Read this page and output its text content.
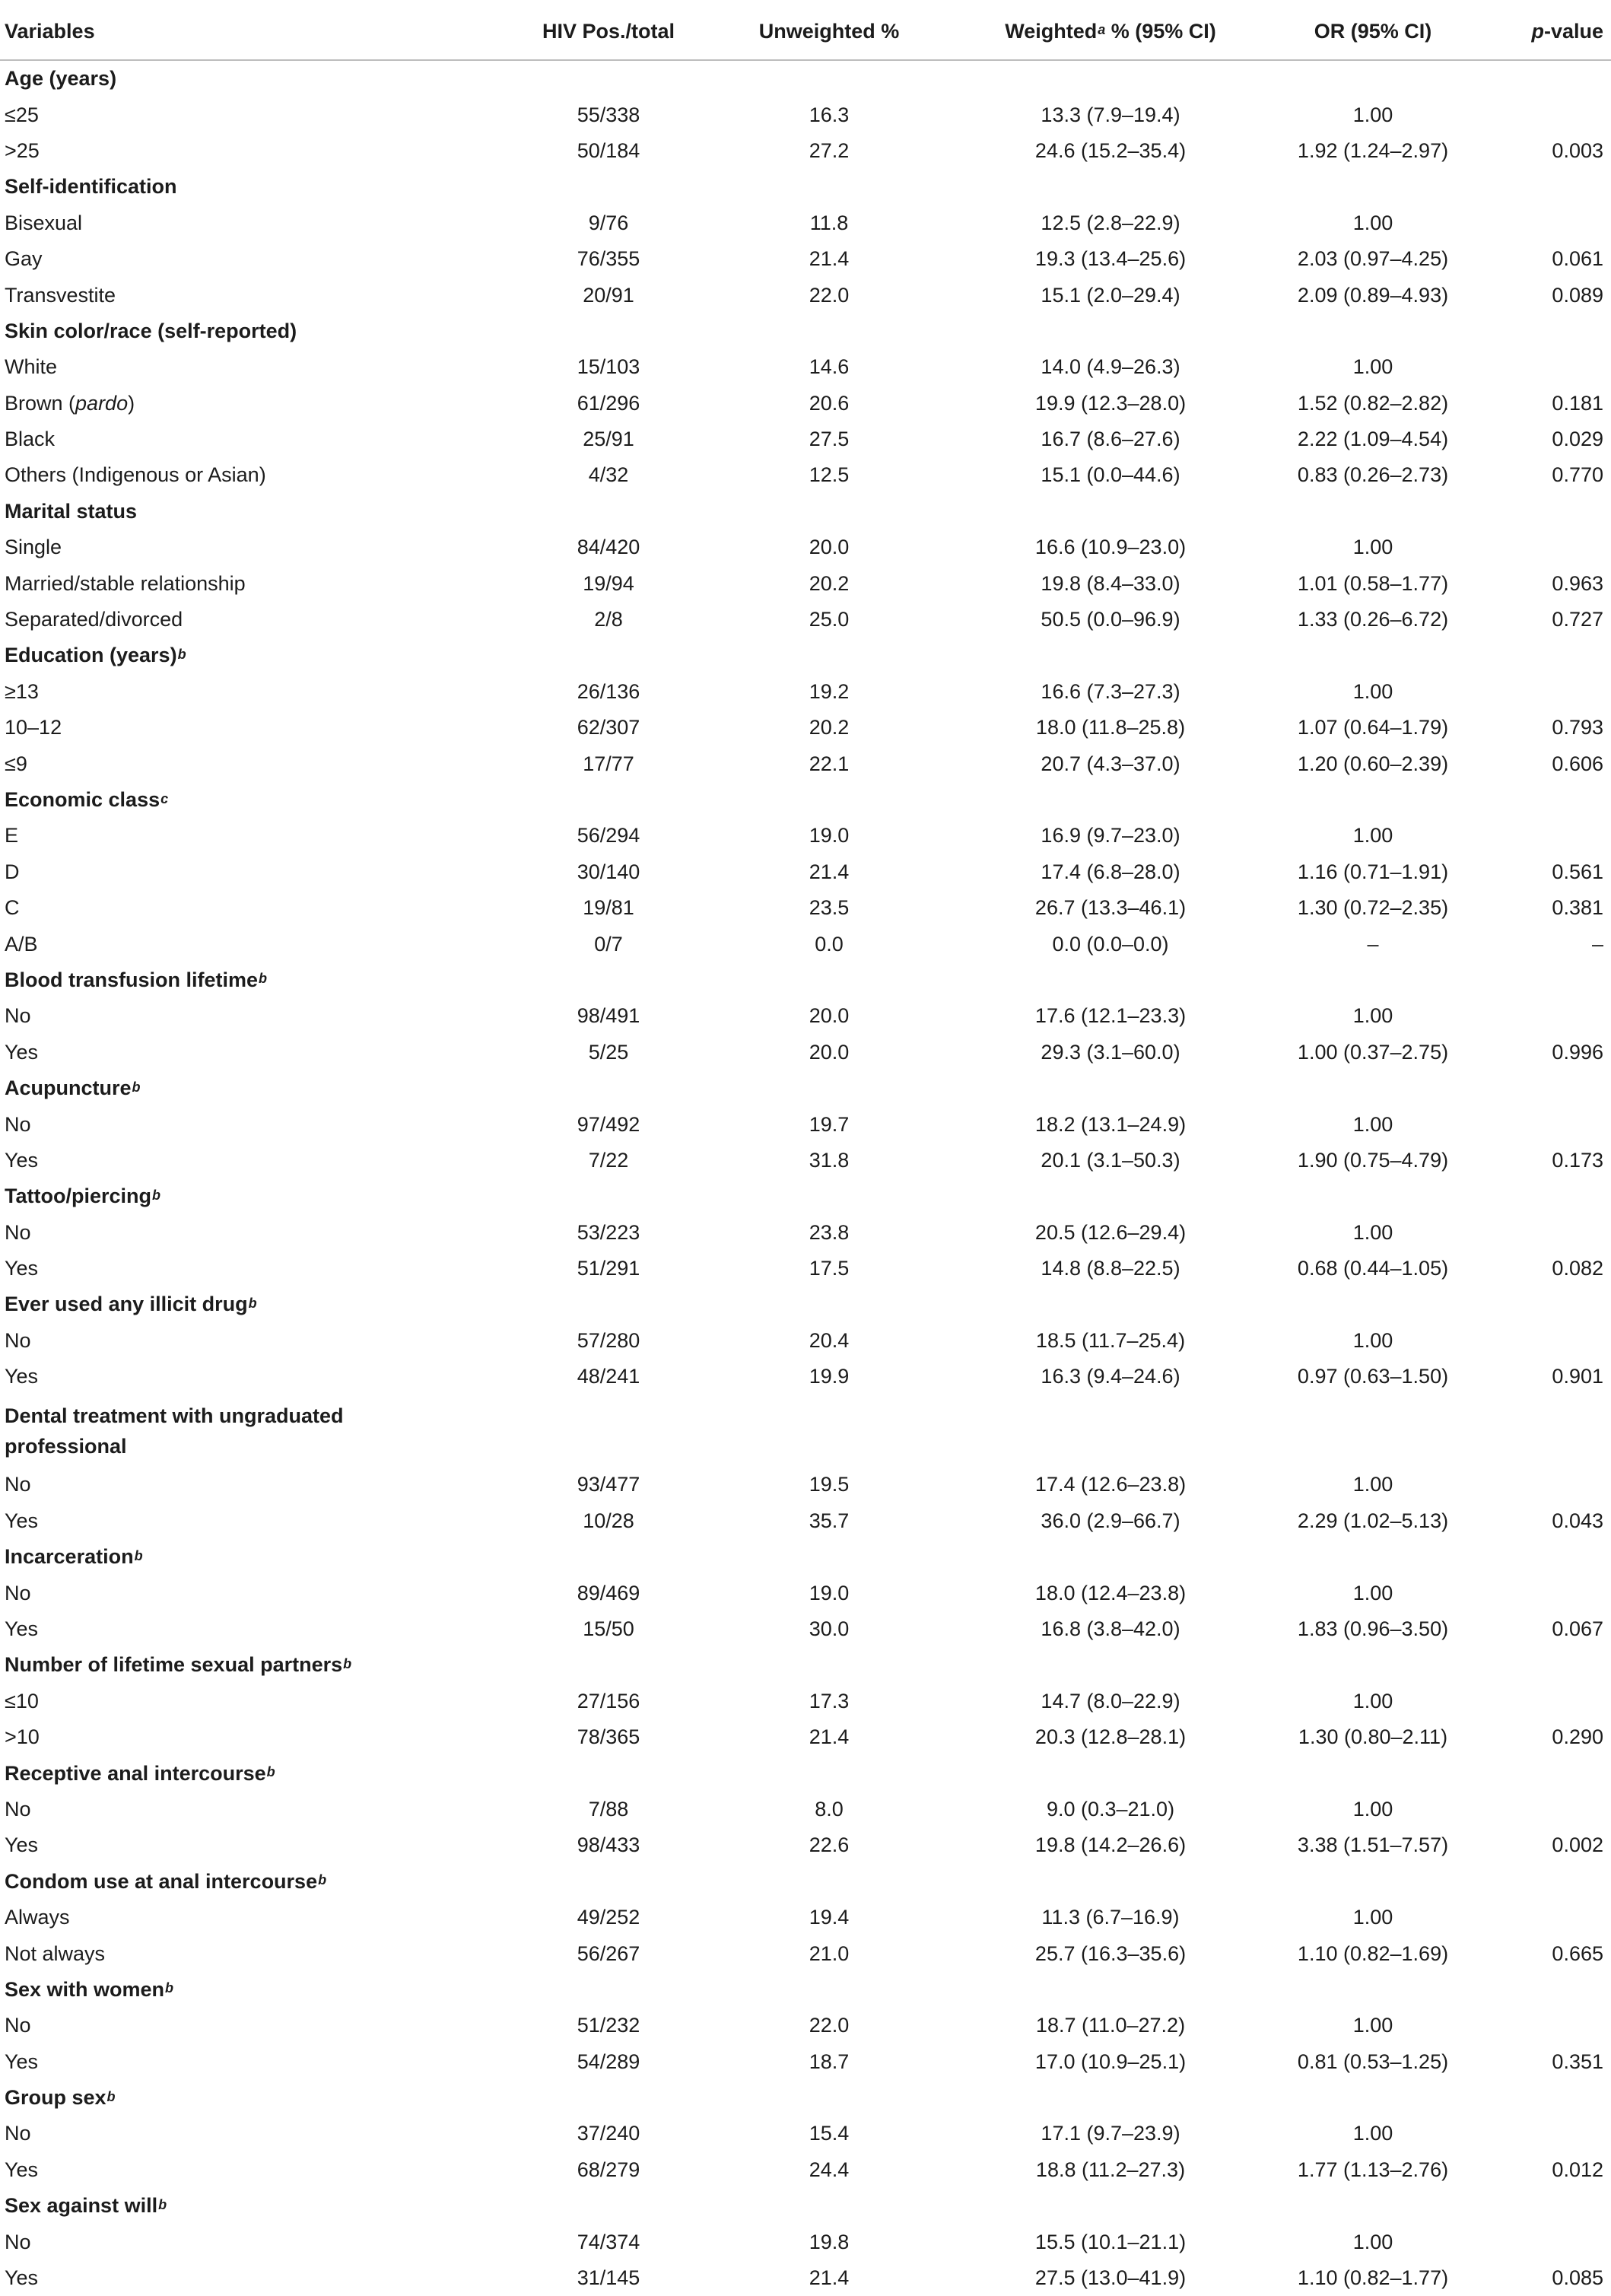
Variables	HIV Pos./total	Unweighted %	Weighted$^a$ % (95% CI)	OR (95% CI)	p -value
Age (years)
≤25	55/338	16.3	13.3 (7.9–19.4)	1.00
>25	50/184	27.2	24.6 (15.2–35.4)	1.92 (1.24–2.97)	0.003
Self-identification
Bisexual	9/76	11.8	12.5 (2.8–22.9)	1.00
Gay	76/355	21.4	19.3 (13.4–25.6)	2.03 (0.97–4.25)	0.061
Transvestite	20/91	22.0	15.1 (2.0–29.4)	2.09 (0.89–4.93)	0.089
Skin color/race (self-reported)
White	15/103	14.6	14.0 (4.9–26.3)	1.00
Brown ( pardo )	61/296	20.6	19.9 (12.3–28.0)	1.52 (0.82–2.82)	0.181
Black	25/91	27.5	16.7 (8.6–27.6)	2.22 (1.09–4.54)	0.029
Others (Indigenous or Asian)	4/32	12.5	15.1 (0.0–44.6)	0.83 (0.26–2.73)	0.770
Marital status
Single	84/420	20.0	16.6 (10.9–23.0)	1.00
Married/stable relationship	19/94	20.2	19.8 (8.4–33.0)	1.01 (0.58–1.77)	0.963
Separated/divorced	2/8	25.0	50.5 (0.0–96.9)	1.33 (0.26–6.72)	0.727
Education (years)$^b$
≥13	26/136	19.2	16.6 (7.3–27.3)	1.00
10–12	62/307	20.2	18.0 (11.8–25.8)	1.07 (0.64–1.79)	0.793
≤9	17/77	22.1	20.7 (4.3–37.0)	1.20 (0.60–2.39)	0.606
Economic class$^c$
E	56/294	19.0	16.9 (9.7–23.0)	1.00
D	30/140	21.4	17.4 (6.8–28.0)	1.16 (0.71–1.91)	0.561
C	19/81	23.5	26.7 (13.3–46.1)	1.30 (0.72–2.35)	0.381
A/B	0/7	0.0	0.0 (0.0–0.0)	–	–
Blood transfusion lifetime$^b$
No	98/491	20.0	17.6 (12.1–23.3)	1.00
Yes	5/25	20.0	29.3 (3.1–60.0)	1.00 (0.37–2.75)	0.996
Acupuncture$^b$
No	97/492	19.7	18.2 (13.1–24.9)	1.00
Yes	7/22	31.8	20.1 (3.1–50.3)	1.90 (0.75–4.79)	0.173
Tattoo/piercing$^b$
No	53/223	23.8	20.5 (12.6–29.4)	1.00
Yes	51/291	17.5	14.8 (8.8–22.5)	0.68 (0.44–1.05)	0.082
Ever used any illicit drug$^b$
No	57/280	20.4	18.5 (11.7–25.4)	1.00
Yes	48/241	19.9	16.3 (9.4–24.6)	0.97 (0.63–1.50)	0.901
Dental treatment with ungraduated professional
No	93/477	19.5	17.4 (12.6–23.8)	1.00
Yes	10/28	35.7	36.0 (2.9–66.7)	2.29 (1.02–5.13)	0.043
Incarceration$^b$
No	89/469	19.0	18.0 (12.4–23.8)	1.00
Yes	15/50	30.0	16.8 (3.8–42.0)	1.83 (0.96–3.50)	0.067
Number of lifetime sexual partners$^b$
≤10	27/156	17.3	14.7 (8.0–22.9)	1.00
>10	78/365	21.4	20.3 (12.8–28.1)	1.30 (0.80–2.11)	0.290
Receptive anal intercourse$^b$
No	7/88	8.0	9.0 (0.3–21.0)	1.00
Yes	98/433	22.6	19.8 (14.2–26.6)	3.38 (1.51–7.57)	0.002
Condom use at anal intercourse$^b$
Always	49/252	19.4	11.3 (6.7–16.9)	1.00
Not always	56/267	21.0	25.7 (16.3–35.6)	1.10 (0.82–1.69)	0.665
Sex with women$^b$
No	51/232	22.0	18.7 (11.0–27.2)	1.00
Yes	54/289	18.7	17.0 (10.9–25.1)	0.81 (0.53–1.25)	0.351
Group sex$^b$
No	37/240	15.4	17.1 (9.7–23.9)	1.00
Yes	68/279	24.4	18.8 (11.2–27.3)	1.77 (1.13–2.76)	0.012
Sex against will$^b$
No	74/374	19.8	15.5 (10.1–21.1)	1.00
Yes	31/145	21.4	27.5 (13.0–41.9)	1.10 (0.82–1.77)	0.085
